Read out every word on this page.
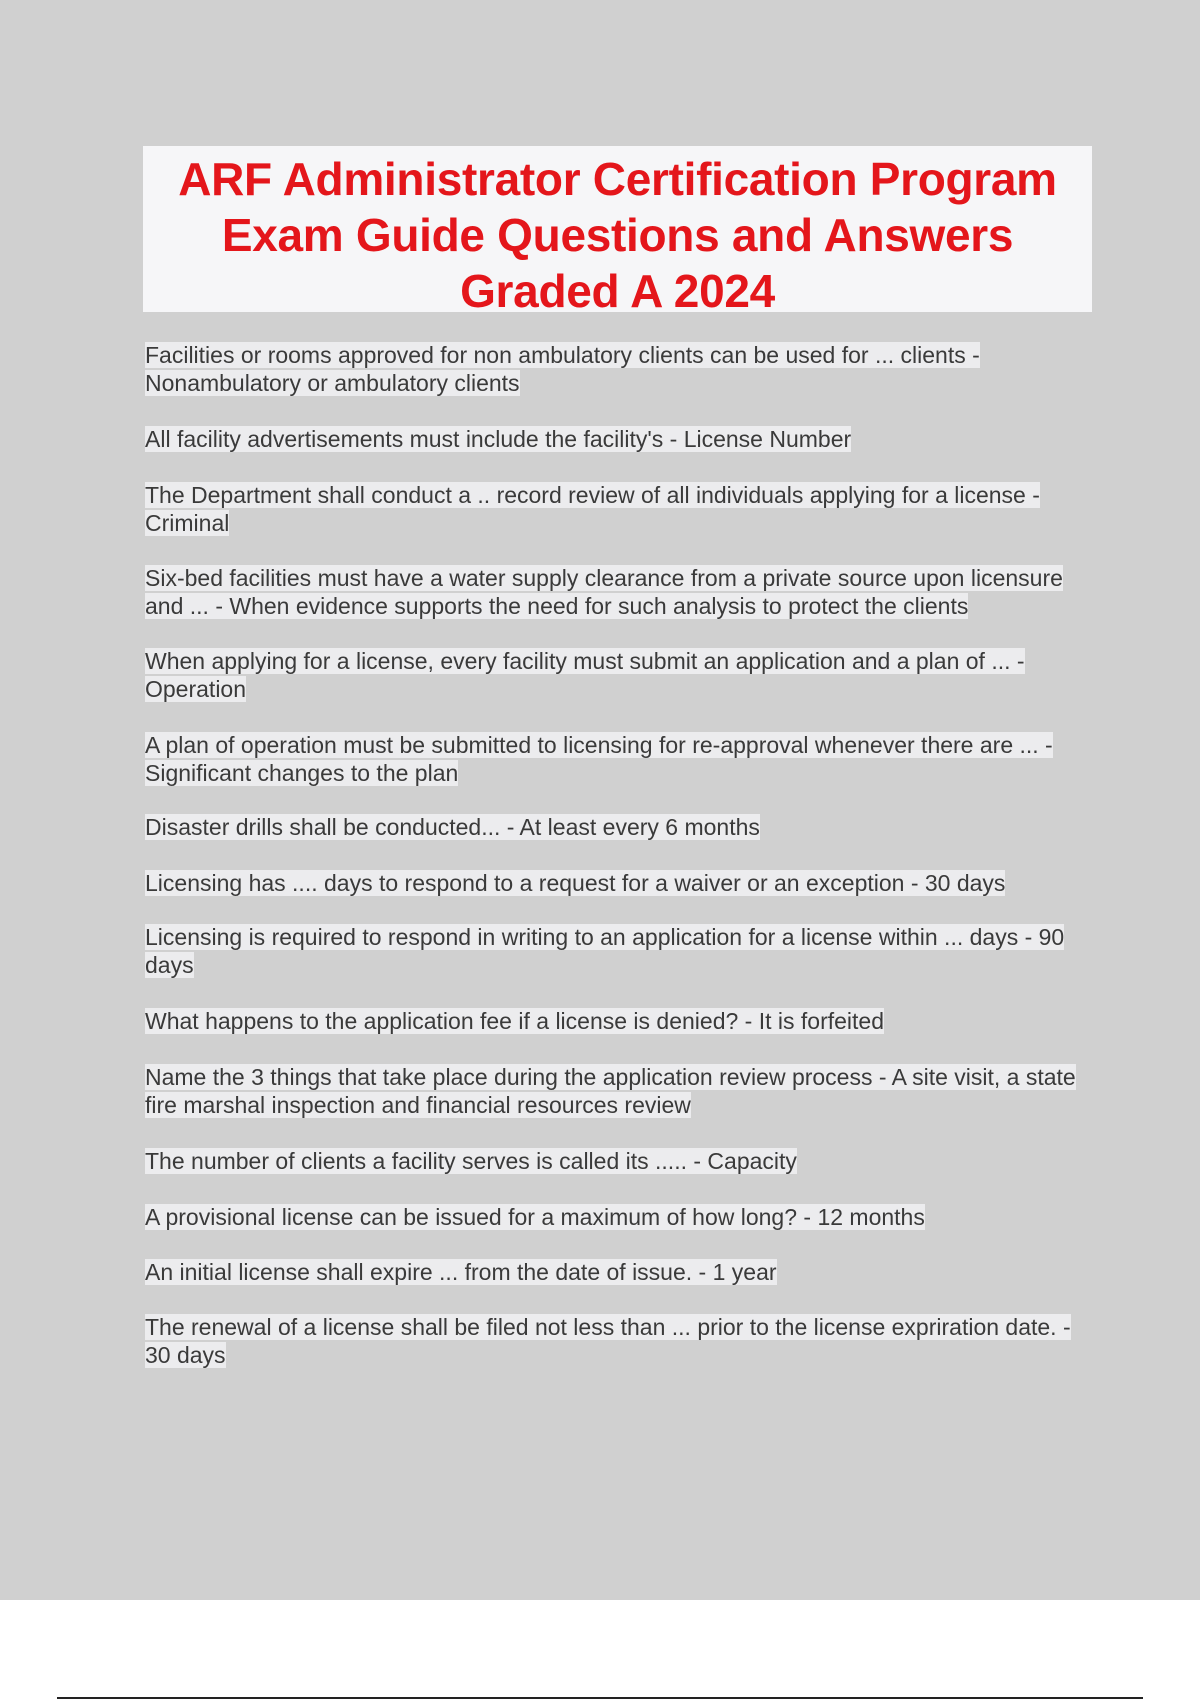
ARF Administrator Certification Program
Exam Guide Questions and Answers
Graded A 2024
Facilities or rooms approved for non ambulatory clients can be used for ... clients - Nonambulatory or ambulatory clients
All facility advertisements must include the facility's - License Number
The Department shall conduct a .. record review of all individuals applying for a license - Criminal
Six-bed facilities must have a water supply clearance from a private source upon licensure and ... - When evidence supports the need for such analysis to protect the clients
When applying for a license, every facility must submit an application and a plan of ... - Operation
A plan of operation must be submitted to licensing for re-approval whenever there are ... - Significant changes to the plan
Disaster drills shall be conducted... - At least every 6 months
Licensing has .... days to respond to a request for a waiver or an exception - 30 days
Licensing is required to respond in writing to an application for a license within ... days - 90 days
What happens to the application fee if a license is denied? - It is forfeited
Name the 3 things that take place during the application review process - A site visit, a state fire marshal inspection and financial resources review
The number of clients a facility serves is called its ..... - Capacity
A provisional license can be issued for a maximum of how long? - 12 months
An initial license shall expire ... from the date of issue. - 1 year
The renewal of a license shall be filed not less than ... prior to the license expriration date. - 30 days
